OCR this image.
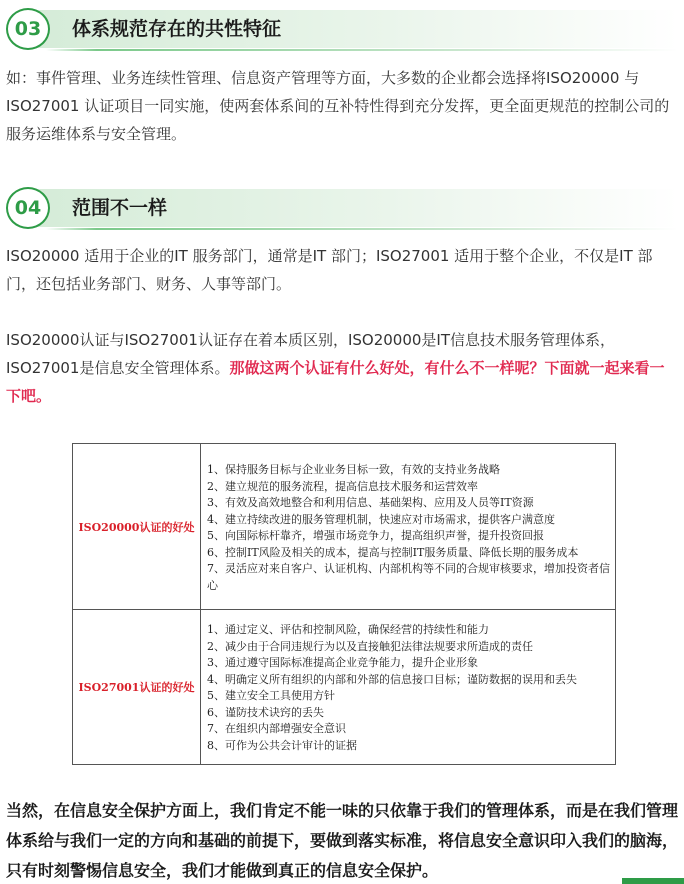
03	体系规范存在的共性特征
如：事件管理、业务连续性管理、信息资产管理等方面，大多数的企业都会选择将ISO20000 与ISO27001 认证项目一同实施，使两套体系间的互补特性得到充分发挥，更全面更规范的控制公司的服务运维体系与安全管理。
04	范围不一样
ISO20000 适用于企业的IT 服务部门，通常是IT 部门；ISO27001 适用于整个企业，不仅是IT 部门，还包括业务部门、财务、人事等部门。
ISO20000认证与ISO27001认证存在着本质区别，ISO20000是IT信息技术服务管理体系，ISO27001是信息安全管理体系。那做这两个认证有什么好处，有什么不一样呢？下面就一起来看一下吧。
ISO20000认证的好处
1、保持服务目标与企业业务目标一致，有效的支持业务战略
2、建立规范的服务流程，提高信息技术服务和运营效率
3、有效及高效地整合和利用信息、基础架构、应用及人员等IT资源
4、建立持续改进的服务管理机制，快速应对市场需求，提供客户满意度
5、向国际标杆靠齐，增强市场竞争力，提高组织声誉，提升投资回报
6、控制IT风险及相关的成本，提高与控制IT服务质量、降低长期的服务成本
7、灵活应对来自客户、认证机构、内部机构等不同的合规审核要求，增加投资者信心
ISO27001认证的好处
1、通过定义、评估和控制风险，确保经营的持续性和能力
2、减少由于合同违规行为以及直接触犯法律法规要求所造成的责任
3、通过遵守国际标准提高企业竞争能力，提升企业形象
4、明确定义所有组织的内部和外部的信息接口目标；谨防数据的误用和丢失
5、建立安全工具使用方针
6、谨防技术诀窍的丢失
7、在组织内部增强安全意识
8、可作为公共会计审计的证据
当然，在信息安全保护方面上，我们肯定不能一味的只依靠于我们的管理体系，而是在我们管理体系给与我们一定的方向和基础的前提下，要做到落实标准，将信息安全意识印入我们的脑海，只有时刻警惕信息安全，我们才能做到真正的信息安全保护。
